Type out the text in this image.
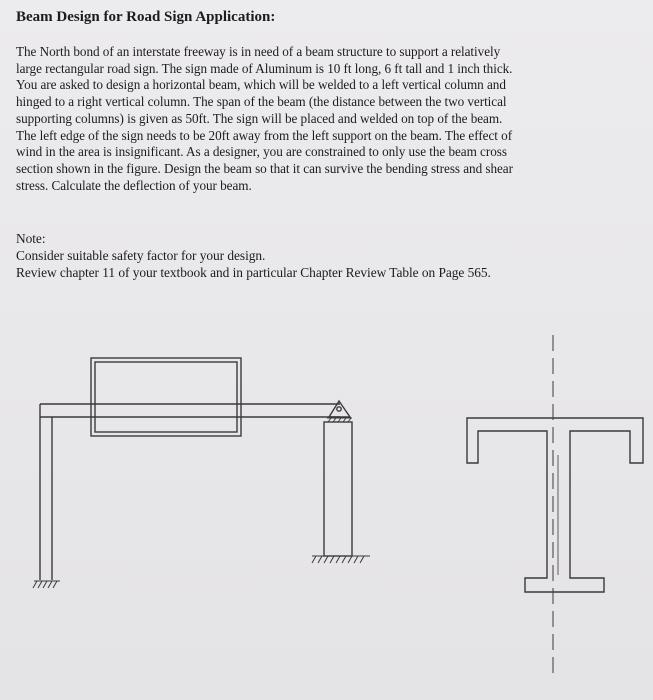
Beam Design for Road Sign Application:
The North bond of an interstate freeway is in need of a beam structure to support a relatively
large rectangular road sign. The sign made of Aluminum is 10 ft long, 6 ft tall and 1 inch thick.
You are asked to design a horizontal beam, which will be welded to a left vertical column and
hinged to a right vertical column. The span of the beam (the distance between the two vertical
supporting columns) is given as 50ft. The sign will be placed and welded on top of the beam.
The left edge of the sign needs to be 20ft away from the left support on the beam. The effect of
wind in the area is insignificant. As a designer, you are constrained to only use the beam cross
section shown in the figure. Design the beam so that it can survive the bending stress and shear
stress. Calculate the deflection of your beam.
Note:
Consider suitable safety factor for your design.
Review chapter 11 of your textbook and in particular Chapter Review Table on Page 565.
